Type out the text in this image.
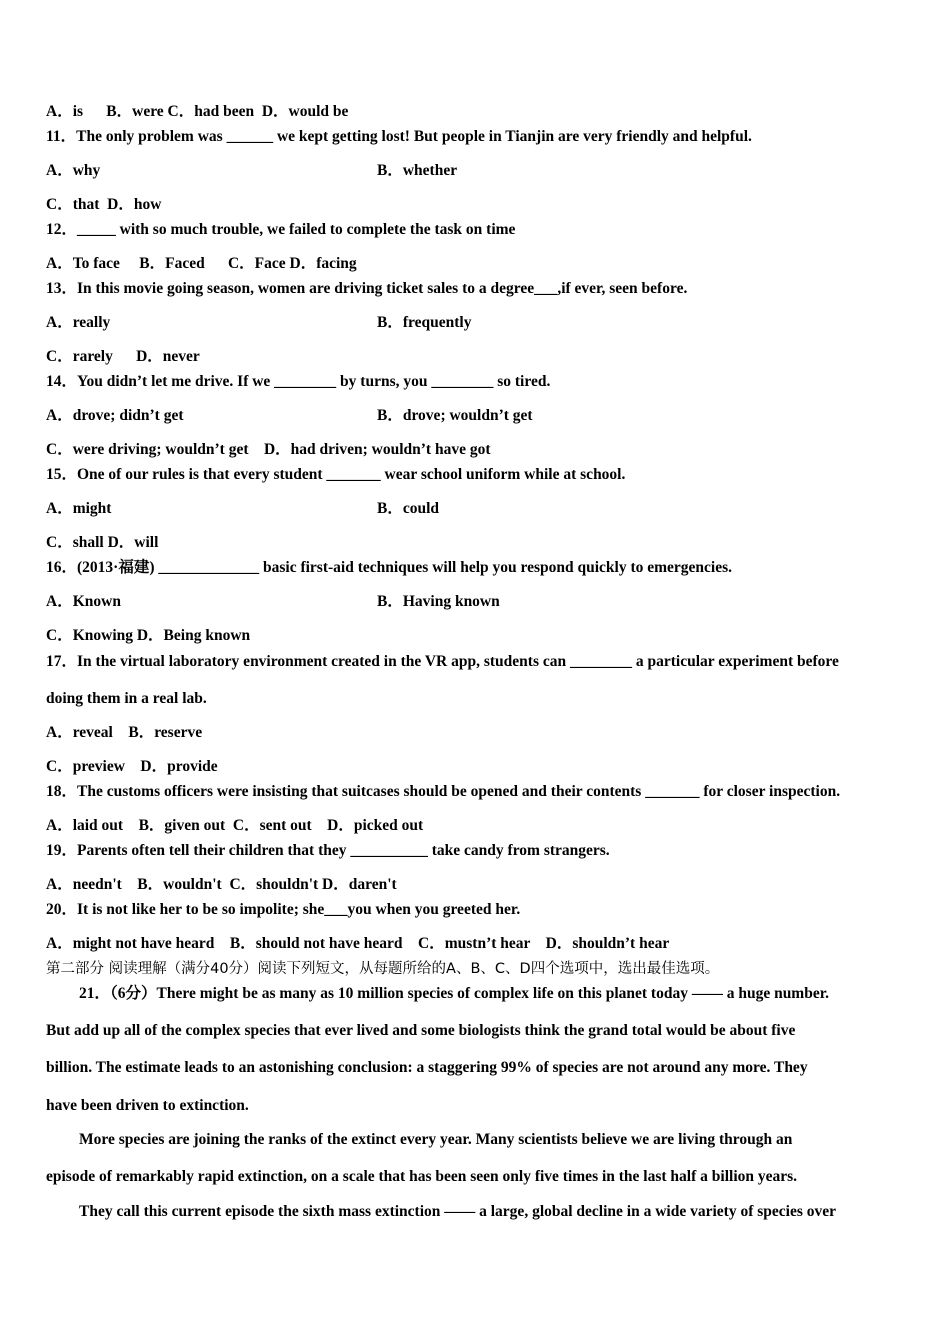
A．is      B．were C．had been  D．would be

11．The only problem was ______ we kept getting lost! But people in Tianjin are very friendly and helpful.

A．why	B．whether

C．that  D．how

12．_____ with so much trouble, we failed to complete the task on time

A．To face     B．Faced      C．Face D．facing

13．In this movie going season, women are driving ticket sales to a degree___,if ever, seen before.

A．really	B．frequently

C．rarely      D．never

14．You didn’t let me drive. If we ________ by turns, you ________ so tired.

A．drove; didn’t get	B．drove; wouldn’t get

C．were driving; wouldn’t get    D．had driven; wouldn’t have got

15．One of our rules is that every student _______ wear school uniform while at school.

A．might	B．could

C．shall D．will

16．(2013·福建) _____________ basic first-aid techniques will help you respond quickly to emergencies.

A．Known	B．Having known

C．Knowing D．Being known

17．In the virtual laboratory environment created in the VR app, students can ________ a particular experiment before

doing them in a real lab.

A．reveal    B．reserve

C．preview    D．provide

18．The customs officers were insisting that suitcases should be opened and their contents _______ for closer inspection.

A．laid out    B．given out  C．sent out    D．picked out

19．Parents often tell their children that they __________ take candy from strangers.

A．needn't    B．wouldn't  C．shouldn't D．daren't

20．It is not like her to be so impolite; she___you when you greeted her.

A．might not have heard    B．should not have heard    C．mustn’t hear    D．shouldn’t hear

第二部分 阅读理解（满分40分）阅读下列短文，从每题所给的A、B、C、D四个选项中，选出最佳选项。

21．（6分）There might be as many as 10 million species of complex life on this planet today —— a huge number.

But add up all of the complex species that ever lived and some biologists think the grand total would be about five

billion. The estimate leads to an astonishing conclusion: a staggering 99% of species are not around any more. They

have been driven to extinction.

More species are joining the ranks of the extinct every year. Many scientists believe we are living through an

episode of remarkably rapid extinction, on a scale that has been seen only five times in the last half a billion years.

They call this current episode the sixth mass extinction —— a large, global decline in a wide variety of species over
